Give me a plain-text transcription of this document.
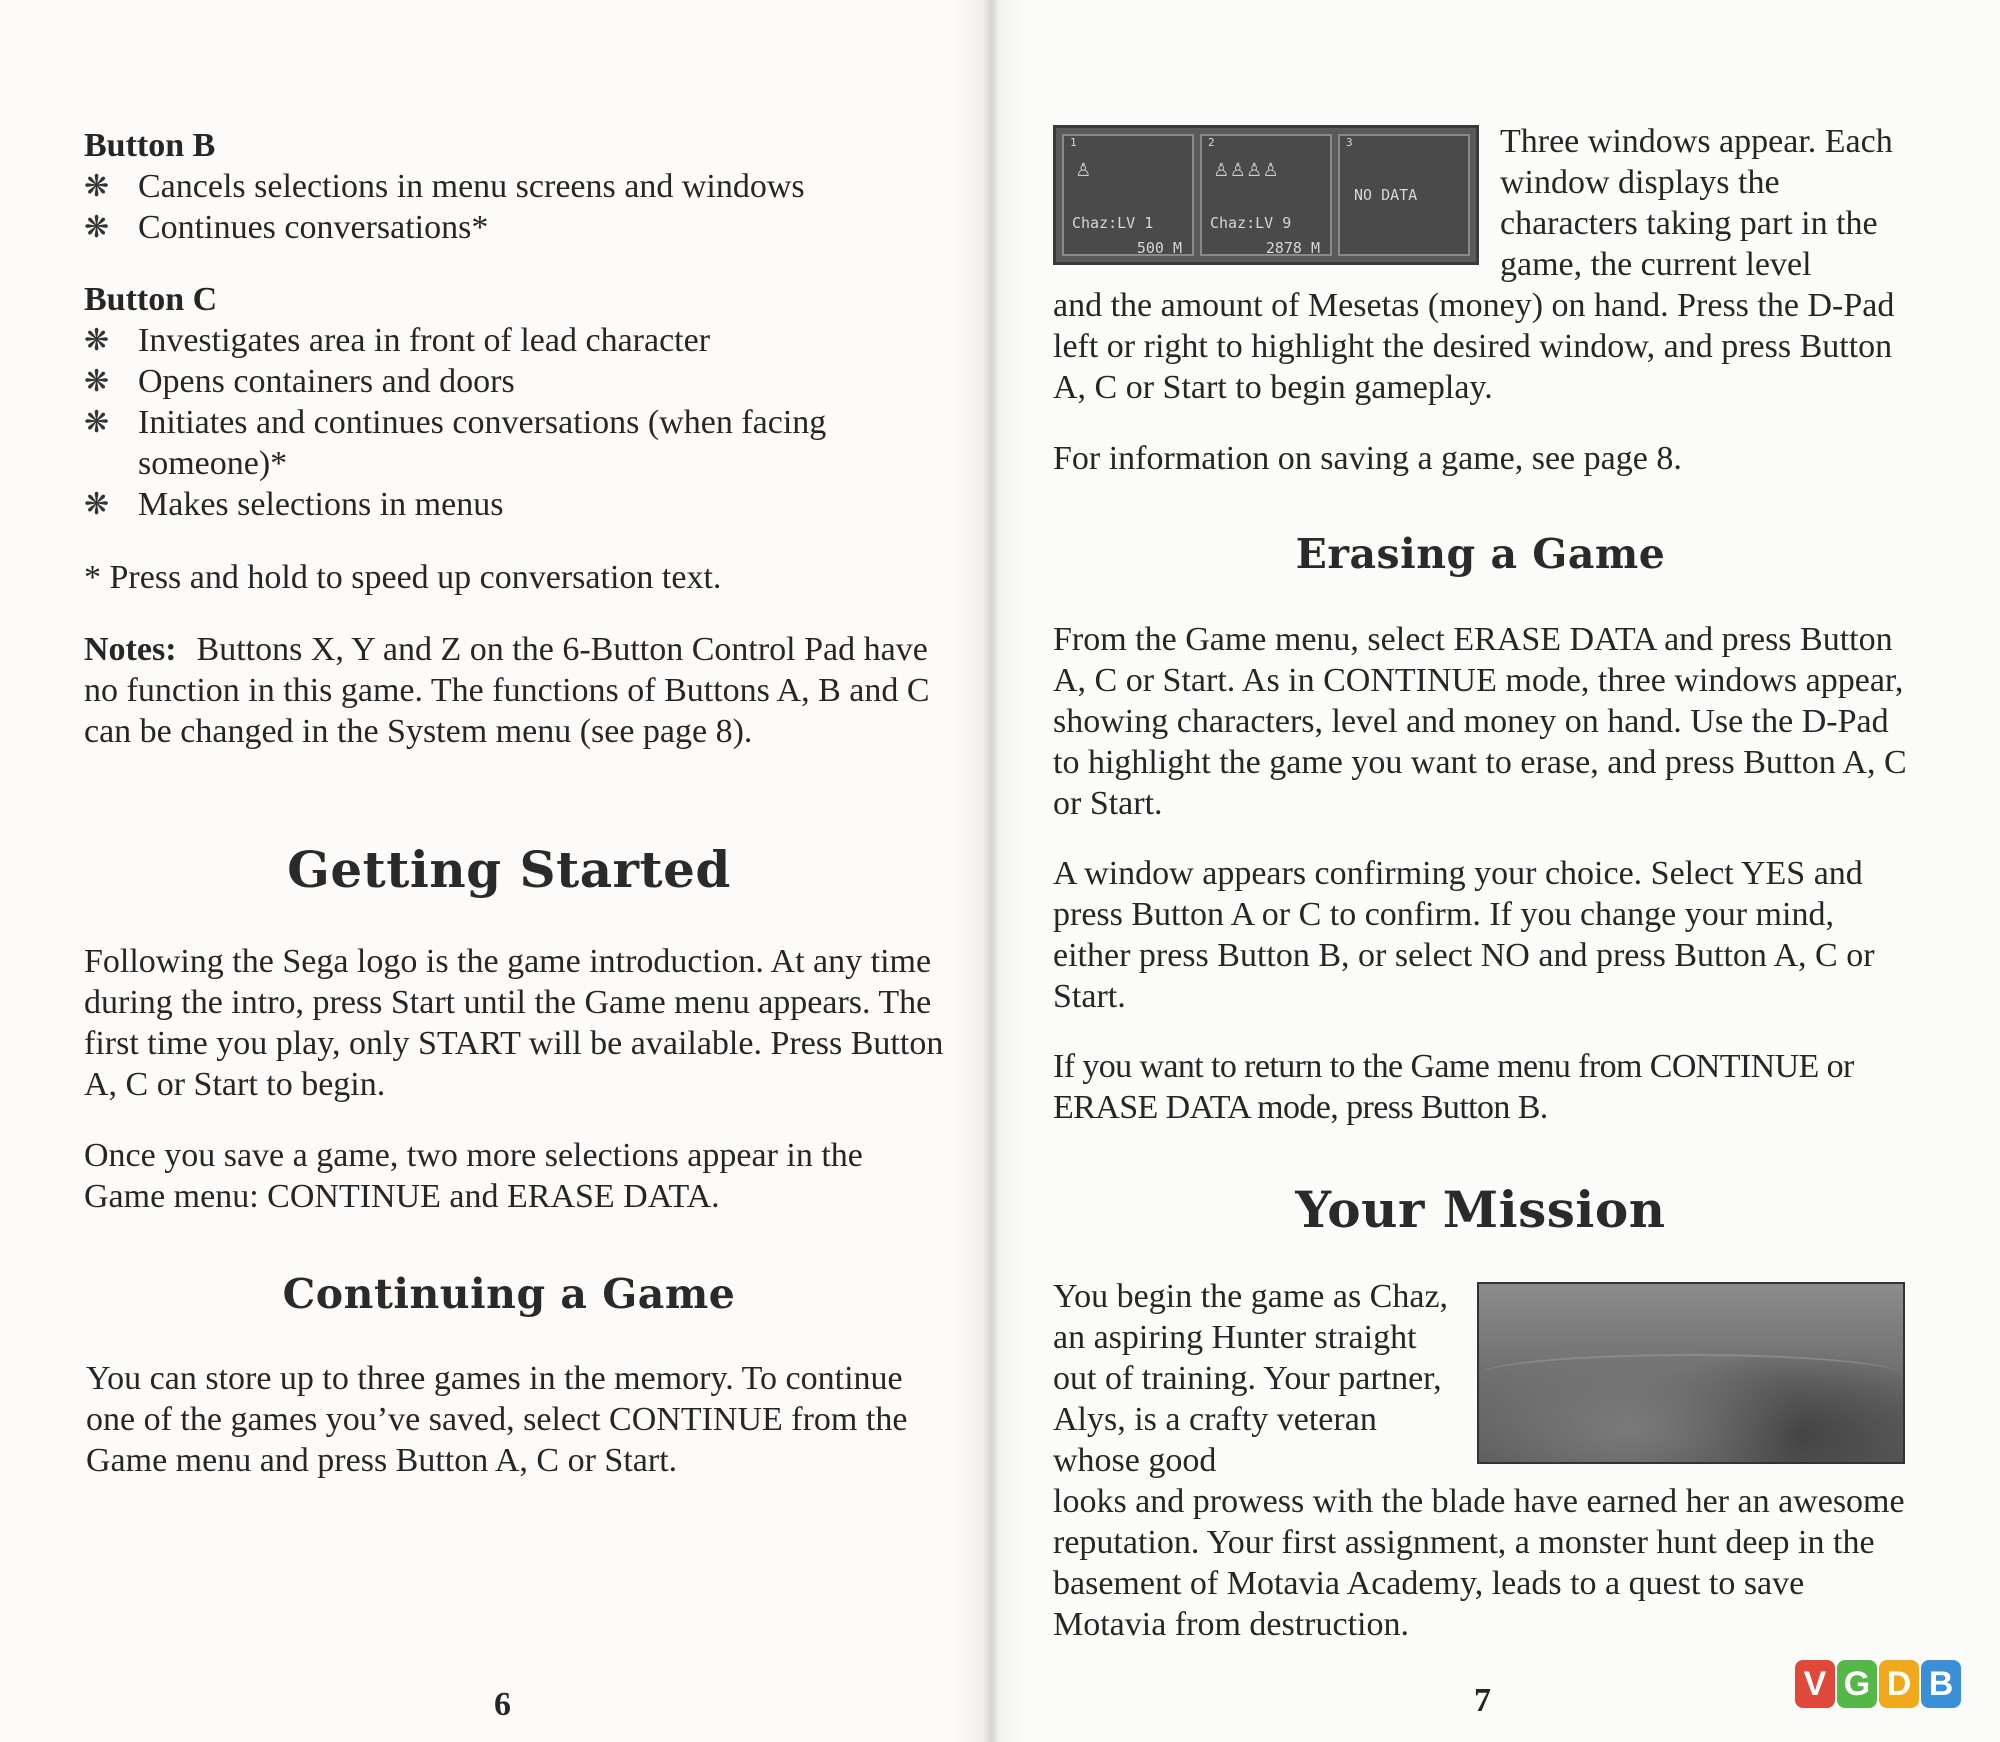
Button B

❋ Cancels selections in menu screens and windows
❋ Continues conversations*

Button C

❋ Investigates area in front of lead character
❋ Opens containers and doors
❋ Initiates and continues conversations (when facing someone)*
❋ Makes selections in menus

* Press and hold to speed up conversation text.

Notes: Buttons X, Y and Z on the 6-Button Control Pad have no function in this game. The functions of Buttons A, B and C can be changed in the System menu (see page 8).

Getting Started

Following the Sega logo is the game introduction. At any time during the intro, press Start until the Game menu appears. The first time you play, only START will be available. Press Button A, C or Start to begin.

Once you save a game, two more selections appear in the Game menu: CONTINUE and ERASE DATA.

Continuing a Game

You can store up to three games in the memory. To continue one of the games you’ve saved, select CONTINUE from the Game menu and press Button A, C or Start.

6
1
♙
Chaz:LV 1
500 M
2
♙♙♙♙
Chaz:LV 9
2878 M
3
NO DATA

Three windows appear. Each window displays the characters taking part in the game, the current level

and the amount of Mesetas (money) on hand. Press the D-Pad left or right to highlight the desired window, and press Button A, C or Start to begin gameplay.

For information on saving a game, see page 8.

Erasing a Game

From the Game menu, select ERASE DATA and press Button A, C or Start. As in CONTINUE mode, three windows appear, showing characters, level and money on hand. Use the D-Pad to highlight the game you want to erase, and press Button A, C or Start.

A window appears confirming your choice. Select YES and press Button A or C to confirm. If you change your mind, either press Button B, or select NO and press Button A, C or Start.

If you want to return to the Game menu from CONTINUE or ERASE DATA mode, press Button B.

Your Mission

You begin the game as Chaz, an aspiring Hunter straight out of training. Your partner, Alys, is a crafty veteran whose good

looks and prowess with the blade have earned her an awesome reputation. Your first assignment, a monster hunt deep in the basement of Motavia Academy, leads to a quest to save Motavia from destruction.

7	V G D B
